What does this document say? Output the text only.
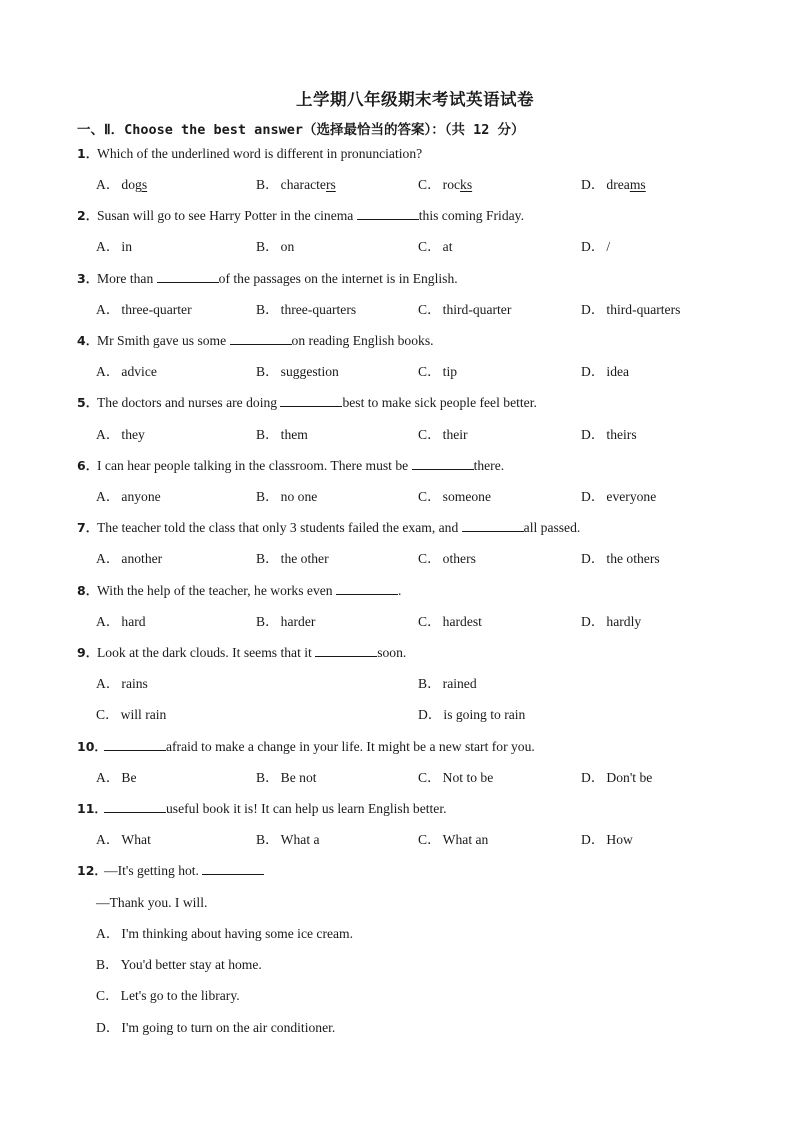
上学期八年级期末考试英语试卷
一、Ⅱ．Choose the best answer（选择最恰当的答案）：（共 12 分）
1．
Which of the underlined word is different in pronunciation?
A． dogs	B． characters	C． rocks	D． dreams
2．
Susan will go to see Harry Potter in the cinema	this coming Friday.
A． in	B． on	C． at	D． /
3．
More than	of the passages on the internet is in English.
A． three-quarter	B． three-quarters	C． third-quarter	D． third-quarters
4．
Mr Smith gave us some	on reading English books.
A． advice	B． suggestion	C． tip	D． idea
5．
The doctors and nurses are doing	best to make sick people feel better.
A． they	B． them	C． their	D． theirs
6．
I can hear people talking in the classroom. There must be	there.
A． anyone	B． no one	C． someone	D． everyone
7．
The teacher told the class that only 3 students failed the exam, and	all passed.
A． another	B． the other	C． others	D． the others
8．
With the help of the teacher, he works even	.
A． hard	B． harder	C． hardest	D． hardly
9．
Look at the dark clouds. It seems that it	soon.
A． rains	B． rained
C． will rain	D． is going to rain
10．	afraid to make a change in your life. It might be a new start for you.
A． Be	B． Be not	C． Not to be	D． Don't be
11．	useful book it is! It can help us learn English better.
A． What	B． What a	C． What an	D． How
12．
—It's getting hot.
—Thank you. I will.
A． I'm thinking about having some ice cream.
B． You'd better stay at home.
C． Let's go to the library.
D． I'm going to turn on the air conditioner.
